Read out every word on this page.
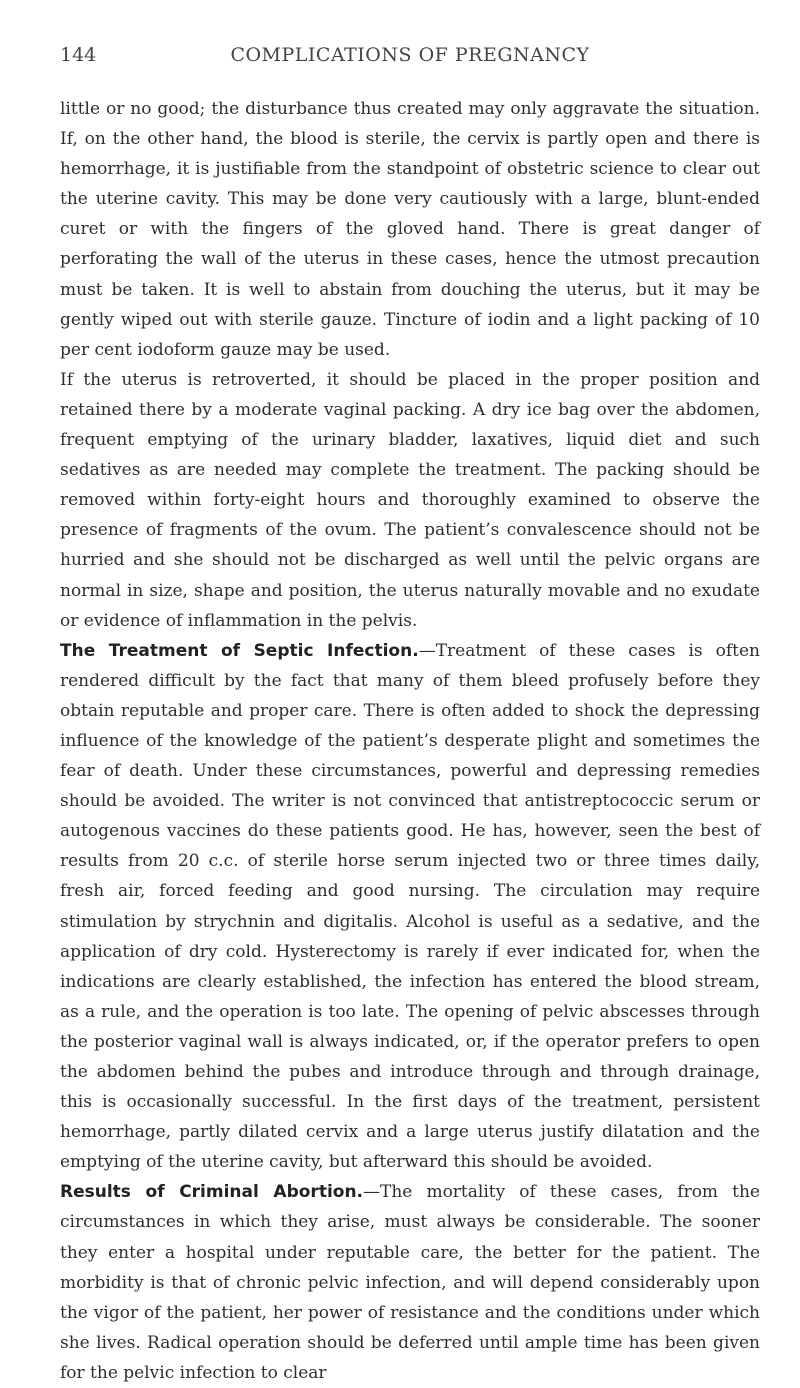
144	COMPLICATIONS OF PREGNANCY

little or no good; the disturbance thus created may only aggravate the situation. If, on the other hand, the blood is sterile, the cervix is partly open and there is hemorrhage, it is justifiable from the standpoint of obstetric science to clear out the uterine cavity. This may be done very cautiously with a large, blunt-ended curet or with the fingers of the gloved hand. There is great danger of perforating the wall of the uterus in these cases, hence the utmost precaution must be taken. It is well to abstain from douching the uterus, but it may be gently wiped out with sterile gauze. Tincture of iodin and a light packing of 10 per cent iodoform gauze may be used.

If the uterus is retroverted, it should be placed in the proper position and retained there by a moderate vaginal packing. A dry ice bag over the abdomen, frequent emptying of the urinary bladder, laxatives, liquid diet and such sedatives as are needed may complete the treatment. The packing should be removed within forty-eight hours and thoroughly examined to observe the presence of fragments of the ovum. The patient’s convalescence should not be hurried and she should not be discharged as well until the pelvic organs are normal in size, shape and position, the uterus naturally movable and no exudate or evidence of inflammation in the pelvis.

The Treatment of Septic Infection.—Treatment of these cases is often rendered difficult by the fact that many of them bleed profusely before they obtain reputable and proper care. There is often added to shock the depressing influence of the knowledge of the patient’s desperate plight and sometimes the fear of death. Under these circumstances, powerful and depressing remedies should be avoided. The writer is not convinced that antistreptococcic serum or autogenous vaccines do these patients good. He has, however, seen the best of results from 20 c.c. of sterile horse serum injected two or three times daily, fresh air, forced feeding and good nursing. The circulation may require stimulation by strychnin and digitalis. Alcohol is useful as a sedative, and the application of dry cold. Hysterectomy is rarely if ever indicated for, when the indications are clearly established, the infection has entered the blood stream, as a rule, and the operation is too late. The opening of pelvic abscesses through the posterior vaginal wall is always indicated, or, if the operator prefers to open the abdomen behind the pubes and introduce through and through drainage, this is occasionally successful. In the first days of the treatment, persistent hemorrhage, partly dilated cervix and a large uterus justify dilatation and the emptying of the uterine cavity, but afterward this should be avoided.

Results of Criminal Abortion.—The mortality of these cases, from the circumstances in which they arise, must always be considerable. The sooner they enter a hospital under reputable care, the better for the patient. The morbidity is that of chronic pelvic infection, and will depend considerably upon the vigor of the patient, her power of resistance and the conditions under which she lives. Radical operation should be deferred until ample time has been given for the pelvic infection to clear
